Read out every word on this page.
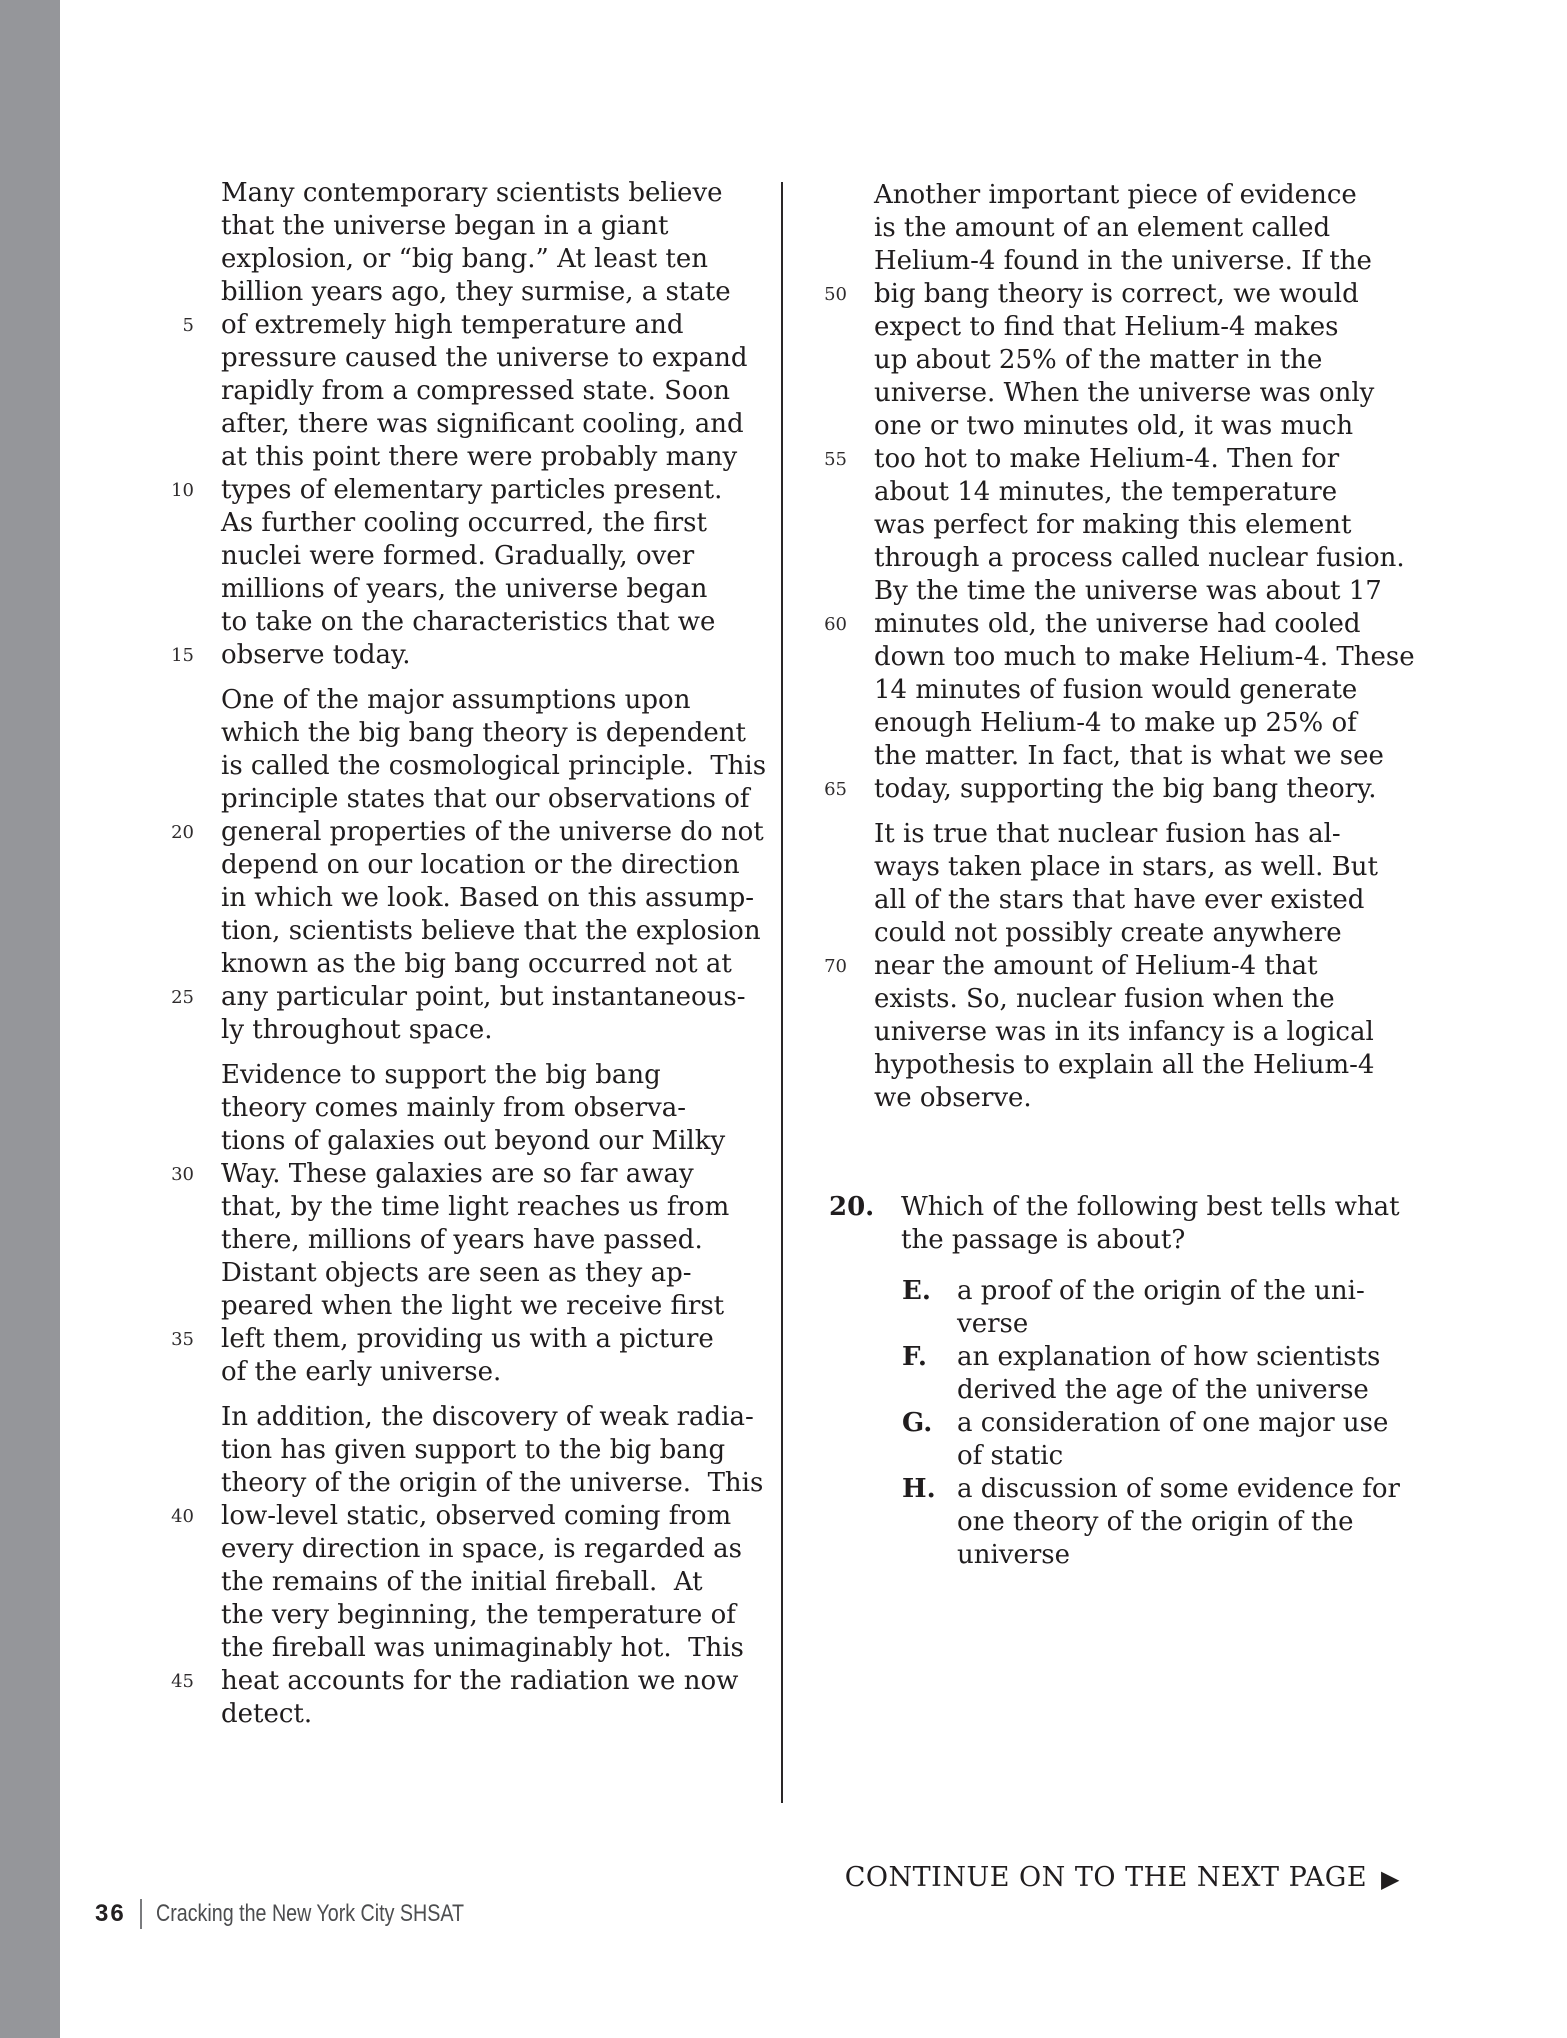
Many contemporary scientists believe
that the universe began in a giant
explosion, or “big bang.” At least ten
billion years ago, they surmise, a state
5 of extremely high temperature and
pressure caused the universe to expand
rapidly from a compressed state. Soon
after, there was significant cooling, and
at this point there were probably many
10 types of elementary particles present.
As further cooling occurred, the first
nuclei were formed. Gradually, over
millions of years, the universe began
to take on the characteristics that we
15 observe today.
One of the major assumptions upon
which the big bang theory is dependent
is called the cosmological principle.  This
principle states that our observations of
20 general properties of the universe do not
depend on our location or the direction
in which we look. Based on this assump-
tion, scientists believe that the explosion
known as the big bang occurred not at
25 any particular point, but instantaneous-
ly throughout space.
Evidence to support the big bang
theory comes mainly from observa-
tions of galaxies out beyond our Milky
30 Way. These galaxies are so far away
that, by the time light reaches us from
there, millions of years have passed.
Distant objects are seen as they ap-
peared when the light we receive first
35 left them, providing us with a picture
of the early universe.
In addition, the discovery of weak radia-
tion has given support to the big bang
theory of the origin of the universe.  This
40 low-level static, observed coming from
every direction in space, is regarded as
the remains of the initial fireball.  At
the very beginning, the temperature of
the fireball was unimaginably hot.  This
45 heat accounts for the radiation we now
detect.
Another important piece of evidence
is the amount of an element called
Helium-4 found in the universe. If the
50 big bang theory is correct, we would
expect to find that Helium-4 makes
up about 25% of the matter in the
universe. When the universe was only
one or two minutes old, it was much
55 too hot to make Helium-4. Then for
about 14 minutes, the temperature
was perfect for making this element
through a process called nuclear fusion.
By the time the universe was about 17
60 minutes old, the universe had cooled
down too much to make Helium-4. These
14 minutes of fusion would generate
enough Helium-4 to make up 25% of
the matter. In fact, that is what we see
65 today, supporting the big bang theory.
It is true that nuclear fusion has al-
ways taken place in stars, as well. But
all of the stars that have ever existed
could not possibly create anywhere
70 near the amount of Helium-4 that
exists. So, nuclear fusion when the
universe was in its infancy is a logical
hypothesis to explain all the Helium-4
we observe.
20. Which of the following best tells what
the passage is about?
E. a proof of the origin of the uni-
verse
F. an explanation of how scientists
derived the age of the universe
G. a consideration of one major use
of static
H. a discussion of some evidence for
one theory of the origin of the
universe
CONTINUE ON TO THE NEXT PAGE ▶
36 Cracking the New York City SHSAT
